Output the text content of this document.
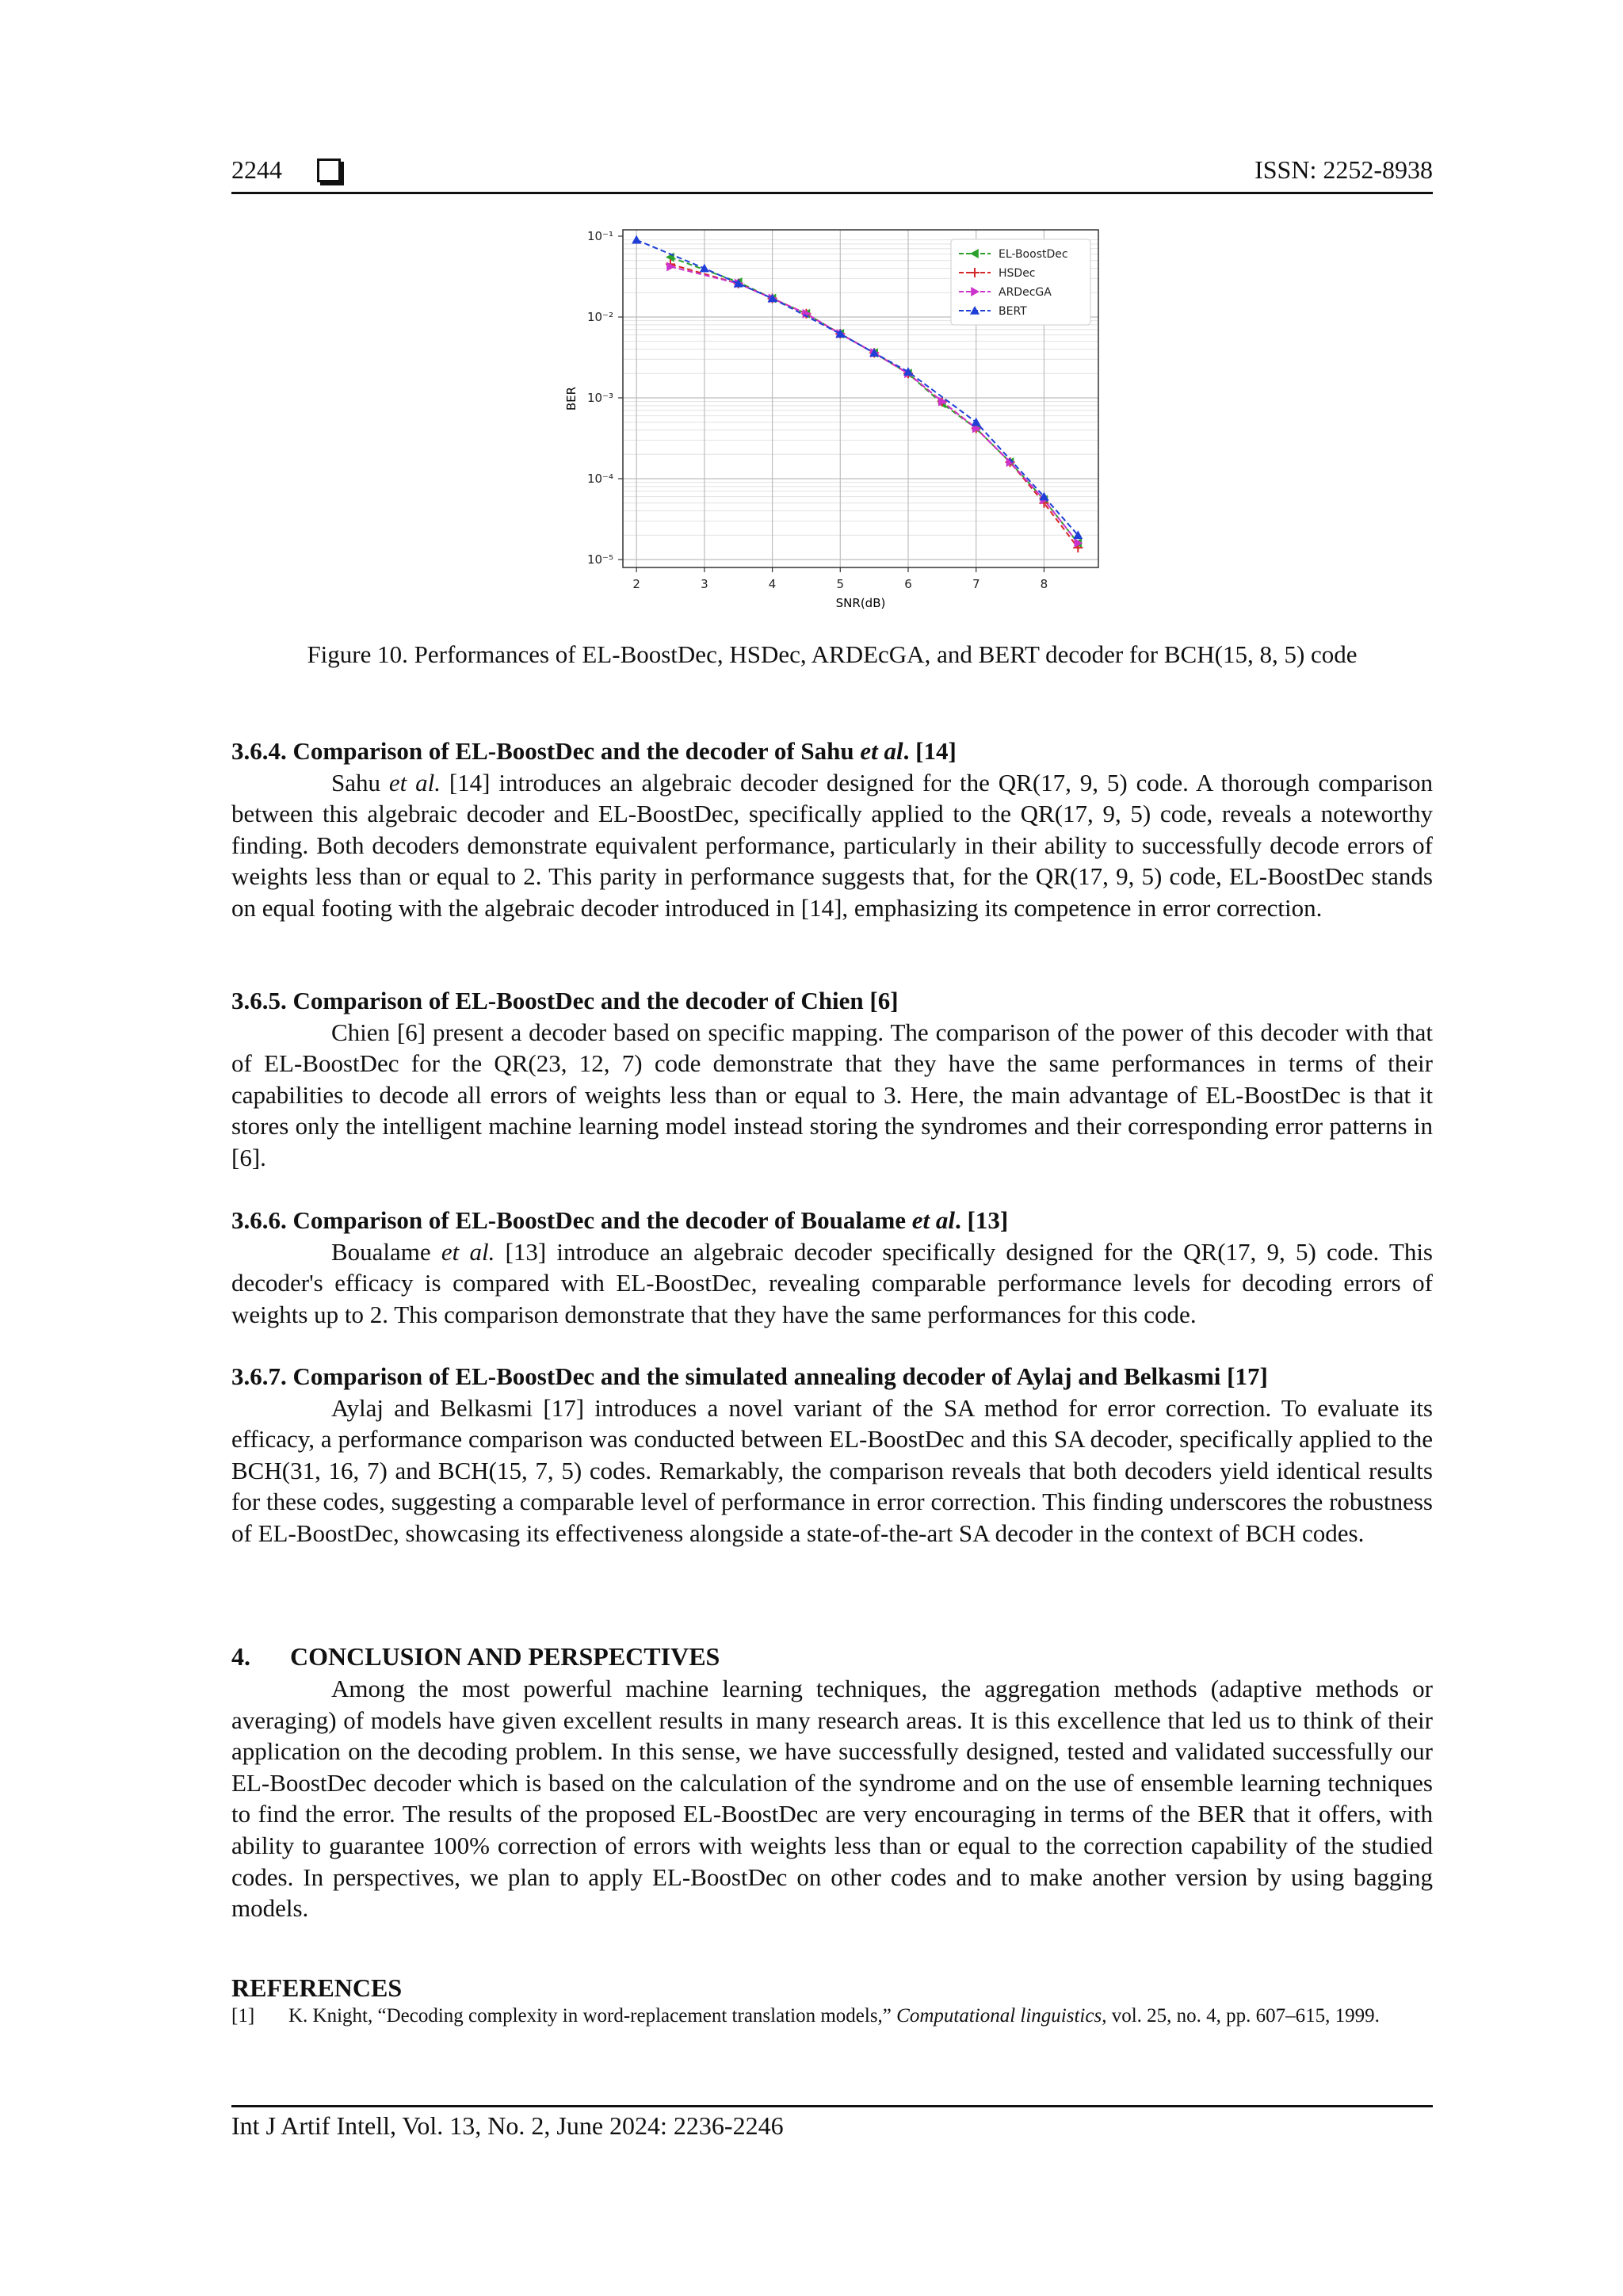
2244	ISSN: 2252-8938
2	3	4	5	6	7	8
10⁻¹
10⁻²
10⁻³
10⁻⁴
10⁻⁵
SNR(dB)
BER
EL-BoostDec
HSDec
ARDecGA
BERT
Figure 10. Performances of EL-BoostDec, HSDec, ARDEcGA, and BERT decoder for BCH(15, 8, 5) code
3.6.4. Comparison of EL-BoostDec and the decoder of Sahu et al. [14]
Sahu et al. [14] introduces an algebraic decoder designed for the QR(17, 9, 5) code. A thorough comparison between this algebraic decoder and EL-BoostDec, specifically applied to the QR(17, 9, 5) code, reveals a noteworthy finding. Both decoders demonstrate equivalent performance, particularly in their ability to successfully decode errors of weights less than or equal to 2. This parity in performance suggests that, for the QR(17, 9, 5) code, EL-BoostDec stands on equal footing with the algebraic decoder introduced in [14], emphasizing its competence in error correction.
3.6.5. Comparison of EL-BoostDec and the decoder of Chien [6]
Chien [6] present a decoder based on specific mapping. The comparison of the power of this decoder with that of EL-BoostDec for the QR(23, 12, 7) code demonstrate that they have the same performances in terms of their capabilities to decode all errors of weights less than or equal to 3. Here, the main advantage of EL-BoostDec is that it stores only the intelligent machine learning model instead storing the syndromes and their corresponding error patterns in [6].
3.6.6. Comparison of EL-BoostDec and the decoder of Boualame et al. [13]
Boualame et al. [13] introduce an algebraic decoder specifically designed for the QR(17, 9, 5) code. This decoder's efficacy is compared with EL-BoostDec, revealing comparable performance levels for decoding errors of weights up to 2. This comparison demonstrate that they have the same performances for this code.
3.6.7. Comparison of EL-BoostDec and the simulated annealing decoder of Aylaj and Belkasmi [17]
Aylaj and Belkasmi [17] introduces a novel variant of the SA method for error correction. To evaluate its efficacy, a performance comparison was conducted between EL-BoostDec and this SA decoder, specifically applied to the BCH(31, 16, 7) and BCH(15, 7, 5) codes. Remarkably, the comparison reveals that both decoders yield identical results for these codes, suggesting a comparable level of performance in error correction. This finding underscores the robustness of EL-BoostDec, showcasing its effectiveness alongside a state-of-the-art SA decoder in the context of BCH codes.
4. CONCLUSION AND PERSPECTIVES
Among the most powerful machine learning techniques, the aggregation methods (adaptive methods or averaging) of models have given excellent results in many research areas. It is this excellence that led us to think of their application on the decoding problem. In this sense, we have successfully designed, tested and validated successfully our EL-BoostDec decoder which is based on the calculation of the syndrome and on the use of ensemble learning techniques to find the error. The results of the proposed EL-BoostDec are very encouraging in terms of the BER that it offers, with ability to guarantee 100% correction of errors with weights less than or equal to the correction capability of the studied codes. In perspectives, we plan to apply EL-BoostDec on other codes and to make another version by using bagging models.
REFERENCES
[1]	K. Knight, “Decoding complexity in word-replacement translation models,” Computational linguistics, vol. 25, no. 4, pp. 607–615, 1999.
Int J Artif Intell, Vol. 13, No. 2, June 2024: 2236-2246
